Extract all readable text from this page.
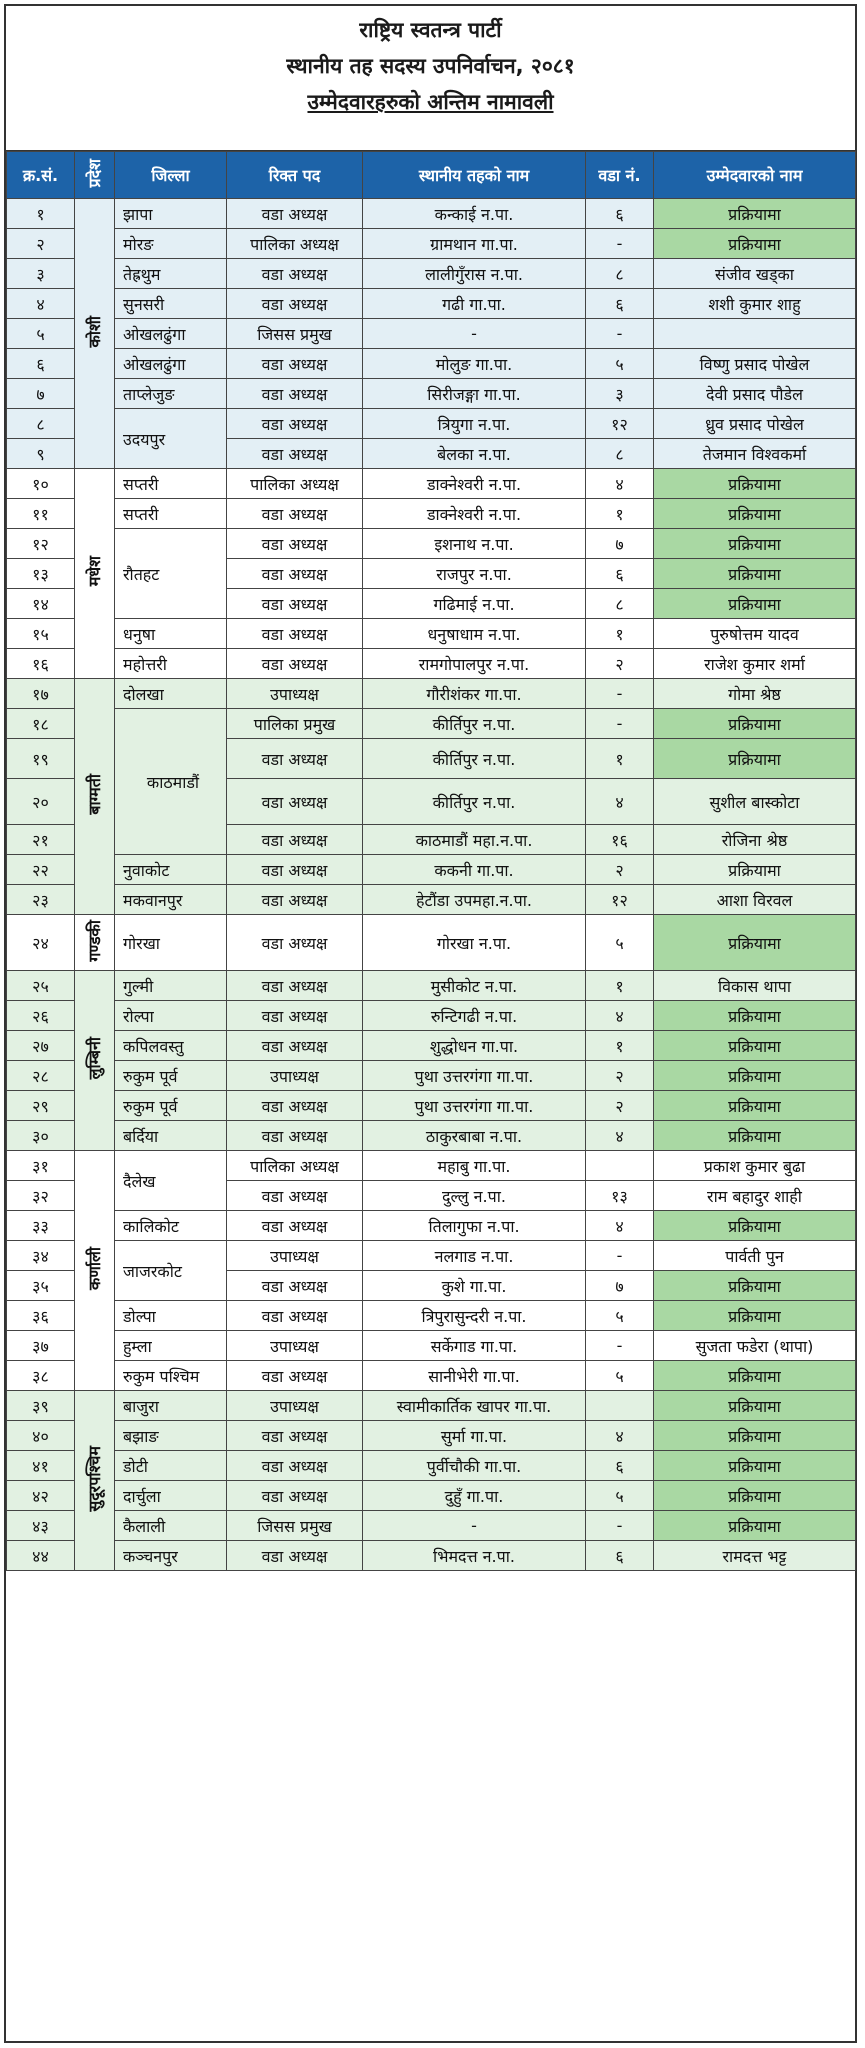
राष्ट्रिय स्वतन्त्र पार्टी
स्थानीय तह सदस्य उपनिर्वाचन, २०८१
उम्मेदवारहरुको अन्तिम नामावली
क्र.सं.	प्रदेश	जिल्ला	रिक्त पद	स्थानीय तहको नाम	वडा नं.	उम्मेदवारको नाम
१	कोशी	झापा	वडा अध्यक्ष	कन्काई न.पा.	६	प्रक्रियामा
२		मोरङ	पालिका अध्यक्ष	ग्रामथान गा.पा.	-	प्रक्रियामा
३		तेह्रथुम	वडा अध्यक्ष	लालीगुँरास न.पा.	८	संजीव खड्का
४		सुनसरी	वडा अध्यक्ष	गढी गा.पा.	६	शशी कुमार शाहु
५		ओखलढुंगा	जिसस प्रमुख	-	-	
६		ओखलढुंगा	वडा अध्यक्ष	मोलुङ गा.पा.	५	विष्णु प्रसाद पोखेल
७		ताप्लेजुङ	वडा अध्यक्ष	सिरीजङ्गा गा.पा.	३	देवी प्रसाद पौडेल
८		उदयपुर	वडा अध्यक्ष	त्रियुगा न.पा.	१२	ध्रुव प्रसाद पोखेल
९			वडा अध्यक्ष	बेलका न.पा.	८	तेजमान विश्वकर्मा
१०	मधेश	सप्तरी	पालिका अध्यक्ष	डाक्नेश्वरी न.पा.	४	प्रक्रियामा
११		सप्तरी	वडा अध्यक्ष	डाक्नेश्वरी न.पा.	१	प्रक्रियामा
१२		रौतहट	वडा अध्यक्ष	इशनाथ न.पा.	७	प्रक्रियामा
१३			वडा अध्यक्ष	राजपुर न.पा.	६	प्रक्रियामा
१४			वडा अध्यक्ष	गढिमाई न.पा.	८	प्रक्रियामा
१५		धनुषा	वडा अध्यक्ष	धनुषाधाम न.पा.	१	पुरुषोत्तम यादव
१६		महोत्तरी	वडा अध्यक्ष	रामगोपालपुर न.पा.	२	राजेश कुमार शर्मा
१७	बाग्मती	दोलखा	उपाध्यक्ष	गौरीशंकर गा.पा.	-	गोमा श्रेष्ठ
१८		काठमाडौं	पालिका प्रमुख	कीर्तिपुर न.पा.	-	प्रक्रियामा
१९			वडा अध्यक्ष	कीर्तिपुर न.पा.	१	प्रक्रियामा
२०			वडा अध्यक्ष	कीर्तिपुर न.पा.	४	सुशील बास्कोटा
२१			वडा अध्यक्ष	काठमाडौं महा.न.पा.	१६	रोजिना श्रेष्ठ
२२		नुवाकोट	वडा अध्यक्ष	ककनी गा.पा.	२	प्रक्रियामा
२३		मकवानपुर	वडा अध्यक्ष	हेटौंडा उपमहा.न.पा.	१२	आशा विरवल
२४	गण्डकी	गोरखा	वडा अध्यक्ष	गोरखा न.पा.	५	प्रक्रियामा
२५	लुम्बिनी	गुल्मी	वडा अध्यक्ष	मुसीकोट न.पा.	१	विकास थापा
२६		रोल्पा	वडा अध्यक्ष	रुन्टिगढी न.पा.	४	प्रक्रियामा
२७		कपिलवस्तु	वडा अध्यक्ष	शुद्धोधन गा.पा.	१	प्रक्रियामा
२८		रुकुम पूर्व	उपाध्यक्ष	पुथा उत्तरगंगा गा.पा.	२	प्रक्रियामा
२९		रुकुम पूर्व	वडा अध्यक्ष	पुथा उत्तरगंगा गा.पा.	२	प्रक्रियामा
३०		बर्दिया	वडा अध्यक्ष	ठाकुरबाबा न.पा.	४	प्रक्रियामा
३१	कर्णाली	दैलेख	पालिका अध्यक्ष	महाबु गा.पा.		प्रकाश कुमार बुढा
३२			वडा अध्यक्ष	दुल्लु न.पा.	१३	राम बहादुर शाही
३३		कालिकोट	वडा अध्यक्ष	तिलागुफा न.पा.	४	प्रक्रियामा
३४		जाजरकोट	उपाध्यक्ष	नलगाड न.पा.	-	पार्वती पुन
३५			वडा अध्यक्ष	कुशे गा.पा.	७	प्रक्रियामा
३६		डोल्पा	वडा अध्यक्ष	त्रिपुरासुन्दरी न.पा.	५	प्रक्रियामा
३७		हुम्ला	उपाध्यक्ष	सर्केगाड गा.पा.	-	सुजता फडेरा (थापा)
३८		रुकुम पश्चिम	वडा अध्यक्ष	सानीभेरी गा.पा.	५	प्रक्रियामा
३९	सुदूरपश्चिम	बाजुरा	उपाध्यक्ष	स्वामीकार्तिक खापर गा.पा.		प्रक्रियामा
४०		बझाङ	वडा अध्यक्ष	सुर्मा गा.पा.	४	प्रक्रियामा
४१		डोटी	वडा अध्यक्ष	पुर्वीचौकी गा.पा.	६	प्रक्रियामा
४२		दार्चुला	वडा अध्यक्ष	दुहुँ गा.पा.	५	प्रक्रियामा
४३		कैलाली	जिसस प्रमुख	-	-	प्रक्रियामा
४४		कञ्चनपुर	वडा अध्यक्ष	भिमदत्त न.पा.	६	रामदत्त भट्ट
